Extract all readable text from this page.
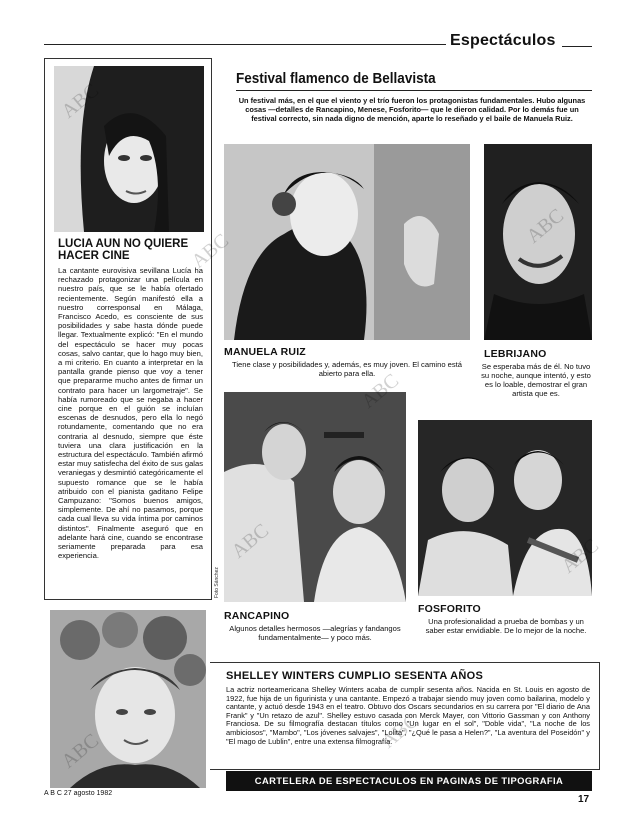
Espectáculos
LUCIA AUN NO QUIERE HACER CINE
La cantante eurovisiva sevillana Lucía ha rechazado protagonizar una película en nuestro país, que se le había ofertado recientemente. Según manifestó ella a nuestro corresponsal en Málaga, Francisco Acedo, es consciente de sus posibilidades y sabe hasta dónde puede llegar. Textualmente explicó: "En el mundo del espectáculo se hacer muy pocas cosas, salvo cantar, que lo hago muy bien, a mi criterio. En cuanto a interpretar en la pantalla grande pienso que voy a tener que prepararme mucho antes de firmar un contrato para hacer un largometraje". Se había rumoreado que se negaba a hacer cine porque en el guión se incluían escenas de desnudos, pero ella lo negó rotundamente, comentando que no era contraria al desnudo, siempre que éste tuviera una clara justificación en la estructura del espectáculo. También afirmó estar muy satisfecha del éxito de sus galas veraniegas y desmintió categóricamente el supuesto romance que se le había atribuido con el pianista gaditano Felipe Campuzano: "Somos buenos amigos, simplemente. De ahí no pasamos, porque cada cual lleva su vida íntima por caminos distintos". Finalmente aseguró que en adelante hará cine, cuando se encontrase seriamente preparada para esa experiencia.
Festival flamenco de Bellavista
Un festival más, en el que el viento y el trío fueron los protagonistas fundamentales. Hubo algunas cosas —detalles de Rancapino, Menese, Fosforito— que le dieron calidad. Por lo demás fue un festival correcto, sin nada digno de mención, aparte lo reseñado y el baile de Manuela Ruiz.
MANUELA RUIZ
Tiene clase y posibilidades y, además, es muy joven. El camino está abierto para ella.
LEBRIJANO
Se esperaba más de él. No tuvo su noche, aunque intentó, y esto es lo loable, demostrar el gran artista que es.
Foto Sánchez
RANCAPINO
Algunos detalles hermosos —alegrías y fandangos fundamentalmente— y poco más.
FOSFORITO
Una profesionalidad a prueba de bombas y un saber estar envidiable. De lo mejor de la noche.
SHELLEY WINTERS CUMPLIO SESENTA AÑOS
La actriz norteamericana Shelley Winters acaba de cumplir sesenta años. Nacida en St. Louis en agosto de 1922, fue hija de un figurinista y una cantante. Empezó a trabajar siendo muy joven como bailarina, modelo y cantante, y actuó desde 1943 en el teatro. Obtuvo dos Oscars secundarios en su carrera por "El diario de Ana Frank" y "Un retazo de azul". Shelley estuvo casada con Merck Mayer, con Vittorio Gassman y con Anthony Franciosa. De su filmografía destacan títulos como "Un lugar en el sol", "Doble vida", "La noche de los ambiciosos", "Mambo", "Los jóvenes salvajes", "Lolita", "¿Qué le pasa a Helen?", "La aventura del Poseidón" y "El mago de Lublin", entre una extensa filmografía.
CARTELERA DE ESPECTACULOS EN PAGINAS DE TIPOGRAFIA
A B C 27 agosto 1982
17
ABC
ABC
